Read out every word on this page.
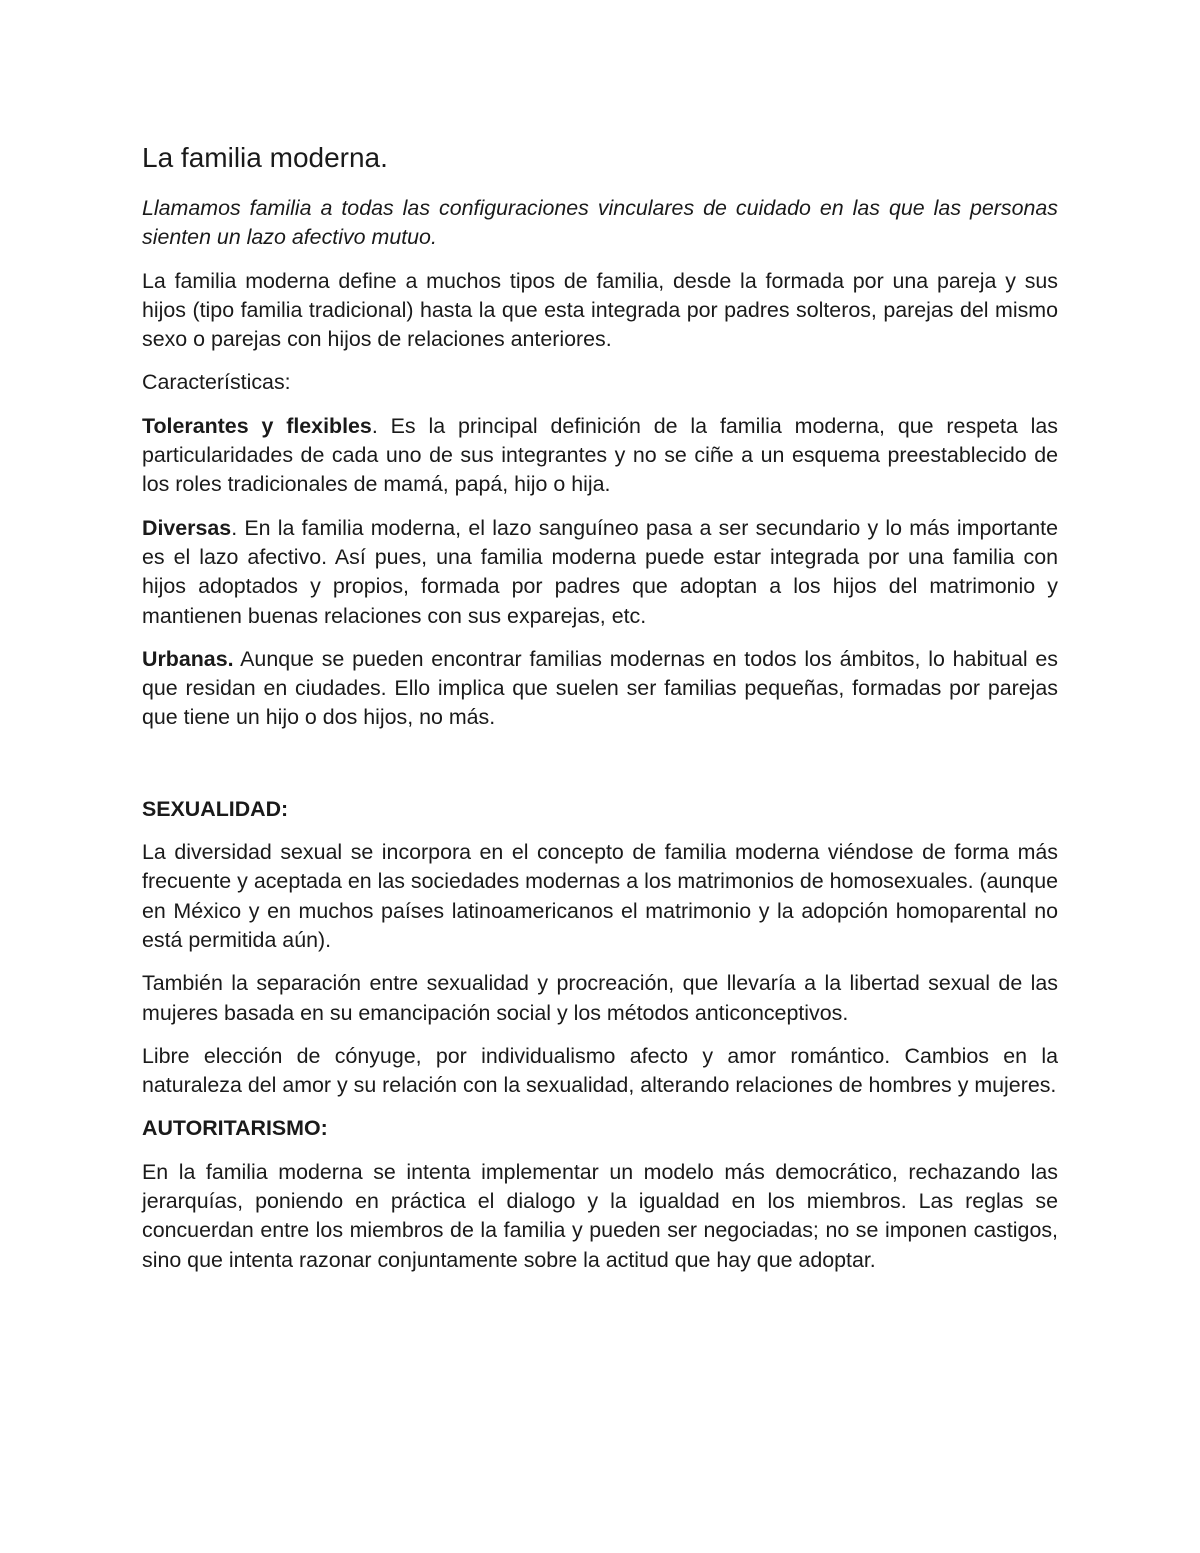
La familia moderna.

Llamamos familia a todas las configuraciones vinculares de cuidado en las que las personas sienten un lazo afectivo mutuo.

La familia moderna define a muchos tipos de familia, desde la formada por una pareja y sus hijos (tipo familia tradicional) hasta la que esta integrada por padres solteros, parejas del mismo sexo o parejas con hijos de relaciones anteriores.

Características:

Tolerantes y flexibles. Es la principal definición de la familia moderna, que respeta las particularidades de cada uno de sus integrantes y no se ciñe a un esquema preestablecido de los roles tradicionales de mamá, papá, hijo o hija.

Diversas. En la familia moderna, el lazo sanguíneo pasa a ser secundario y lo más importante es el lazo afectivo. Así pues, una familia moderna puede estar integrada por una familia con hijos adoptados y propios, formada por padres que adoptan a los hijos del matrimonio y mantienen buenas relaciones con sus exparejas, etc.

Urbanas. Aunque se pueden encontrar familias modernas en todos los ámbitos, lo habitual es que residan en ciudades. Ello implica que suelen ser familias pequeñas, formadas por parejas que tiene un hijo o dos hijos, no más.

SEXUALIDAD:

La diversidad sexual se incorpora en el concepto de familia moderna viéndose de forma más frecuente y aceptada en las sociedades modernas a los matrimonios de homosexuales. (aunque en México y en muchos países latinoamericanos el matrimonio y la adopción homoparental no está permitida aún).

También la separación entre sexualidad y procreación, que llevaría a la libertad sexual de las mujeres basada en su emancipación social y los métodos anticonceptivos.

Libre elección de cónyuge, por individualismo afecto y amor romántico. Cambios en la naturaleza del amor y su relación con la sexualidad, alterando relaciones de hombres y mujeres.

AUTORITARISMO:

En la familia moderna se intenta implementar un modelo más democrático, rechazando las jerarquías, poniendo en práctica el dialogo y la igualdad en los miembros. Las reglas se concuerdan entre los miembros de la familia y pueden ser negociadas; no se imponen castigos, sino que intenta razonar conjuntamente sobre la actitud que hay que adoptar.
